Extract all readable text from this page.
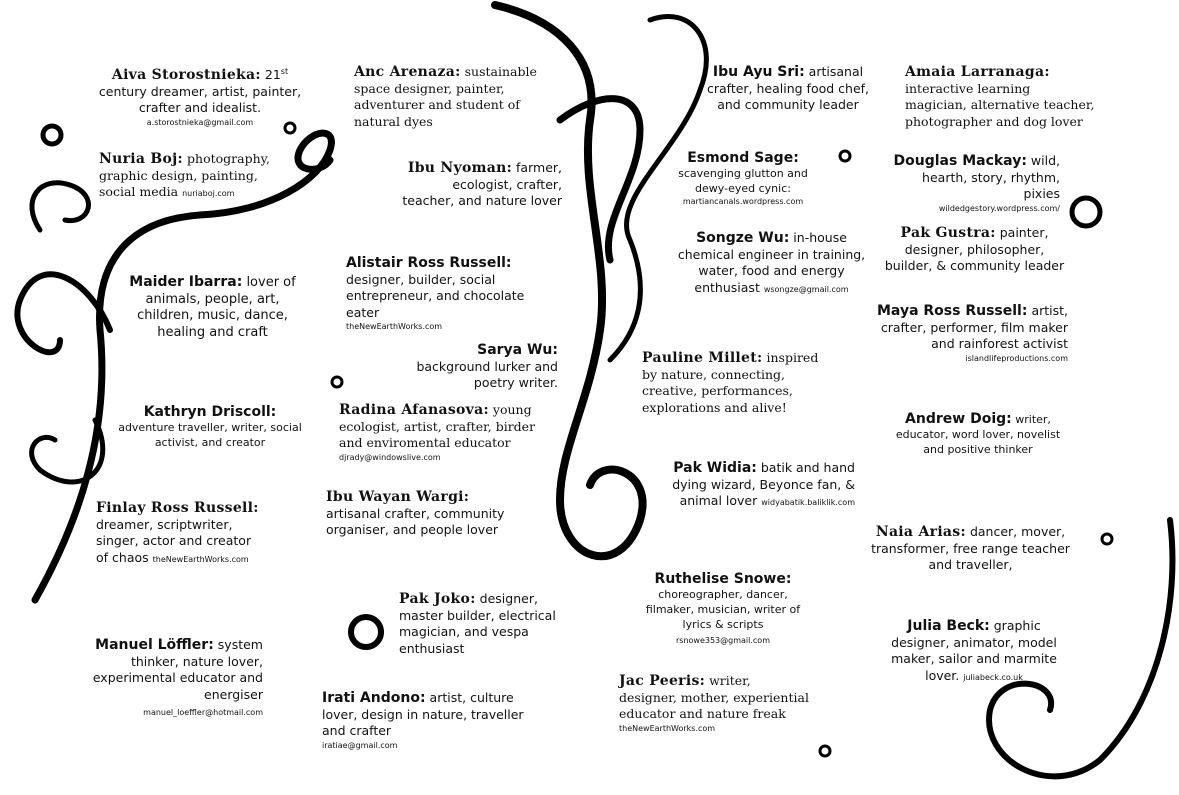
Aiva Storostnieka: 21st
century dreamer, artist, painter, crafter and idealist.
a.storostnieka@gmail.com
Nuria Boj: photography, graphic design, painting, social media nuriaboj.com
Maider Ibarra: lover of animals, people, art, children, music, dance, healing and craft
Kathryn Driscoll:
adventure traveller, writer, social activist, and creator
Finlay Ross Russell:
dreamer, scriptwriter, singer, actor and creator of chaos theNewEarthWorks.com
Manuel Löffler: system thinker, nature lover, experimental educator and energiser manuel_loeffler@hotmail.com
Anc Arenaza: sustainable space designer, painter, adventurer and student of natural dyes
Ibu Nyoman: farmer, ecologist, crafter, teacher, and nature lover
Alistair Ross Russell: designer, builder, social entrepreneur, and chocolate eater
theNewEarthWorks.com
Sarya Wu: background lurker and poetry writer.
Radina Afanasova: young ecologist, artist, crafter, birder and enviromental educator
djrady@windowslive.com
Ibu Wayan Wargi: artisanal crafter, community organiser, and people lover
Pak Joko: designer, master builder, electrical magician, and vespa enthusiast
Irati Andono: artist, culture lover, design in nature, traveller and crafter
iratiae@gmail.com
Ibu Ayu Sri: artisanal crafter, healing food chef, and community leader
Esmond Sage:
scavenging glutton and dewy-eyed cynic:
martiancanals.wordpress.com
Songze Wu: in-house chemical engineer in training, water, food and energy enthusiast wsongze@gmail.com
Pauline Millet: inspired by nature, connecting, creative, performances, explorations and alive!
Pak Widia: batik and hand dying wizard, Beyonce fan, & animal lover widyabatik.baliklik.com
Ruthelise Snowe:
choreographer, dancer, filmaker, musician, writer of lyrics & scripts rsnowe353@gmail.com
Jac Peeris: writer, designer, mother, experiential educator and nature freak
theNewEarthWorks.com
Amaia Larranaga:
interactive learning magician, alternative teacher, photographer and dog lover
Douglas Mackay: wild, hearth, story, rhythm, pixies
wildedgestory.wordpress.com/
Pak Gustra: painter, designer, philosopher, builder, & community leader
Maya Ross Russell: artist, crafter, performer, film maker and rainforest activist
islandlifeproductions.com
Andrew Doig: writer, educator, word lover, novelist and positive thinker
Naia Arias: dancer, mover, transformer, free range teacher and traveller,
Julia Beck: graphic designer, animator, model maker, sailor and marmite lover. juliabeck.co.uk
